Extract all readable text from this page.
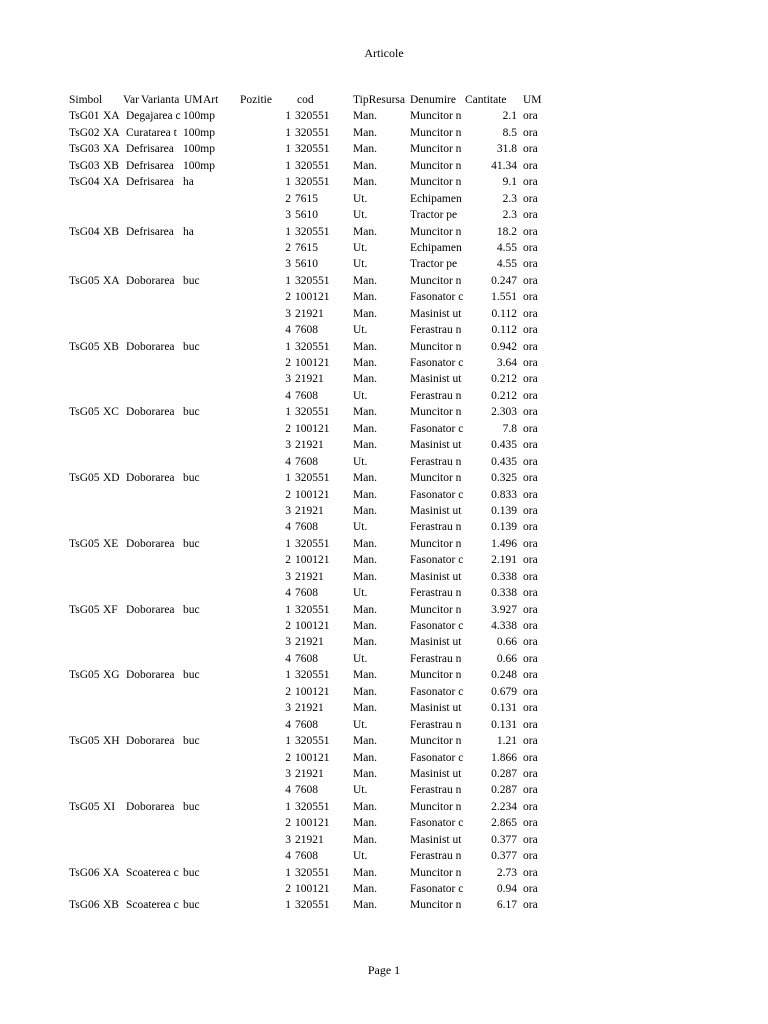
Articole
Simbol	Var Varianta UM Art	Pozitie	cod	TipResursa Denumire Cantitate	UM
TsG01 XA Degajarea c 100mp	1 320551	Man.	Muncitor n	2.1 ora
TsG02 XA Curatarea t 100mp	1 320551	Man.	Muncitor n	8.5 ora
TsG03 XA Defrisarea 100mp	1 320551	Man.	Muncitor n	31.8 ora
TsG03 XB Defrisarea 100mp	1 320551	Man.	Muncitor n	41.34 ora
TsG04 XA Defrisarea ha	1 320551	Man.	Muncitor n	9.1 ora
2 7615	Ut.	Echipamen	2.3 ora
3 5610	Ut.	Tractor pe	2.3 ora
TsG04 XB Defrisarea ha	1 320551	Man.	Muncitor n	18.2 ora
2 7615	Ut.	Echipamen	4.55 ora
3 5610	Ut.	Tractor pe	4.55 ora
TsG05 XA Doborarea buc	1 320551	Man.	Muncitor n	0.247 ora
2 100121	Man.	Fasonator c	1.551 ora
3 21921	Man.	Masinist ut	0.112 ora
4 7608	Ut.	Ferastrau n	0.112 ora
TsG05 XB Doborarea buc	1 320551	Man.	Muncitor n	0.942 ora
2 100121	Man.	Fasonator c	3.64 ora
3 21921	Man.	Masinist ut	0.212 ora
4 7608	Ut.	Ferastrau n	0.212 ora
TsG05 XC Doborarea buc	1 320551	Man.	Muncitor n	2.303 ora
2 100121	Man.	Fasonator c	7.8 ora
3 21921	Man.	Masinist ut	0.435 ora
4 7608	Ut.	Ferastrau n	0.435 ora
TsG05 XD Doborarea buc	1 320551	Man.	Muncitor n	0.325 ora
2 100121	Man.	Fasonator c	0.833 ora
3 21921	Man.	Masinist ut	0.139 ora
4 7608	Ut.	Ferastrau n	0.139 ora
TsG05 XE Doborarea buc	1 320551	Man.	Muncitor n	1.496 ora
2 100121	Man.	Fasonator c	2.191 ora
3 21921	Man.	Masinist ut	0.338 ora
4 7608	Ut.	Ferastrau n	0.338 ora
TsG05 XF Doborarea buc	1 320551	Man.	Muncitor n	3.927 ora
2 100121	Man.	Fasonator c	4.338 ora
3 21921	Man.	Masinist ut	0.66 ora
4 7608	Ut.	Ferastrau n	0.66 ora
TsG05 XG Doborarea buc	1 320551	Man.	Muncitor n	0.248 ora
2 100121	Man.	Fasonator c	0.679 ora
3 21921	Man.	Masinist ut	0.131 ora
4 7608	Ut.	Ferastrau n	0.131 ora
TsG05 XH Doborarea buc	1 320551	Man.	Muncitor n	1.21 ora
2 100121	Man.	Fasonator c	1.866 ora
3 21921	Man.	Masinist ut	0.287 ora
4 7608	Ut.	Ferastrau n	0.287 ora
TsG05 XI Doborarea buc	1 320551	Man.	Muncitor n	2.234 ora
2 100121	Man.	Fasonator c	2.865 ora
3 21921	Man.	Masinist ut	0.377 ora
4 7608	Ut.	Ferastrau n	0.377 ora
TsG06 XA Scoaterea c buc	1 320551	Man.	Muncitor n	2.73 ora
2 100121	Man.	Fasonator c	0.94 ora
TsG06 XB Scoaterea c buc	1 320551	Man.	Muncitor n	6.17 ora
Page 1
